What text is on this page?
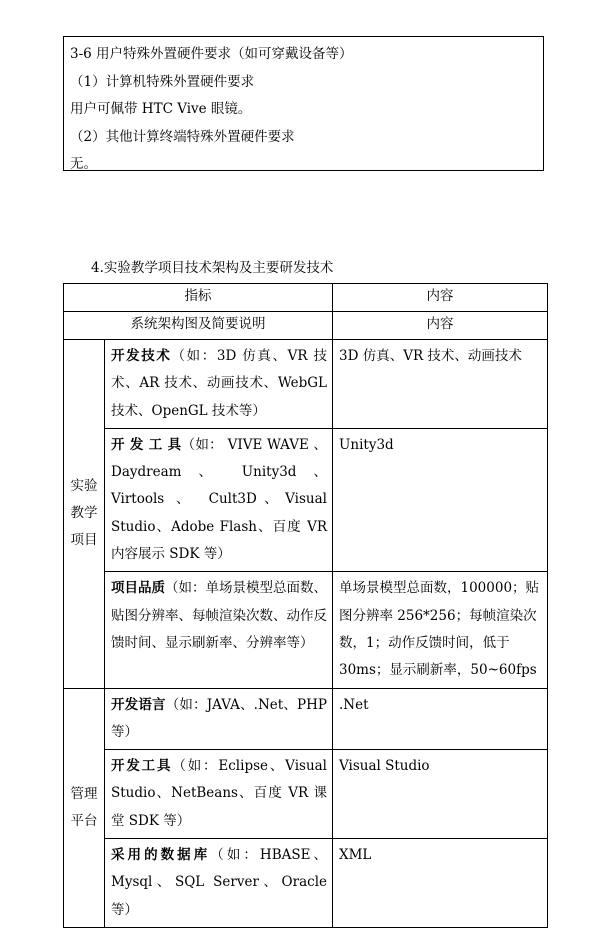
3-6 用户特殊外置硬件要求（如可穿戴设备等）
（1）计算机特殊外置硬件要求
用户可佩带 HTC Vive 眼镜。
（2）其他计算终端特殊外置硬件要求
无。
4.实验教学项目技术架构及主要研发技术
指标		内容
系统架构图及简要说明		内容

实验
教学
项目	开发技术（如：3D 仿真、VR 技术、AR 技术、动画技术、WebGL 技术、OpenGL 技术等）	3D 仿真、VR 技术、动画技术
	开 发 工 具（如： VIVE WAVE 、 Daydream 、 Unity3d 、 Virtools 、 Cult3D、Visual Studio、Adobe Flash、百度 VR 内容展示 SDK 等）	Unity3d
	项目品质（如：单场景模型总面数、贴图分辨率、每帧渲染次数、动作反馈时间、显示刷新率、分辨率等）	单场景模型总面数，100000；贴图分辨率 256*256；每帧渲染次数，1；动作反馈时间，低于 30ms；显示刷新率，50~60fps

管理
平台	开发语言（如：JAVA、.Net、PHP 等）	.Net
	开发工具（如：Eclipse、Visual Studio、NetBeans、百度 VR 课堂 SDK 等）	Visual Studio
	采用的数据库（如：HBASE、Mysql、SQL Server、Oracle 等）	XML
